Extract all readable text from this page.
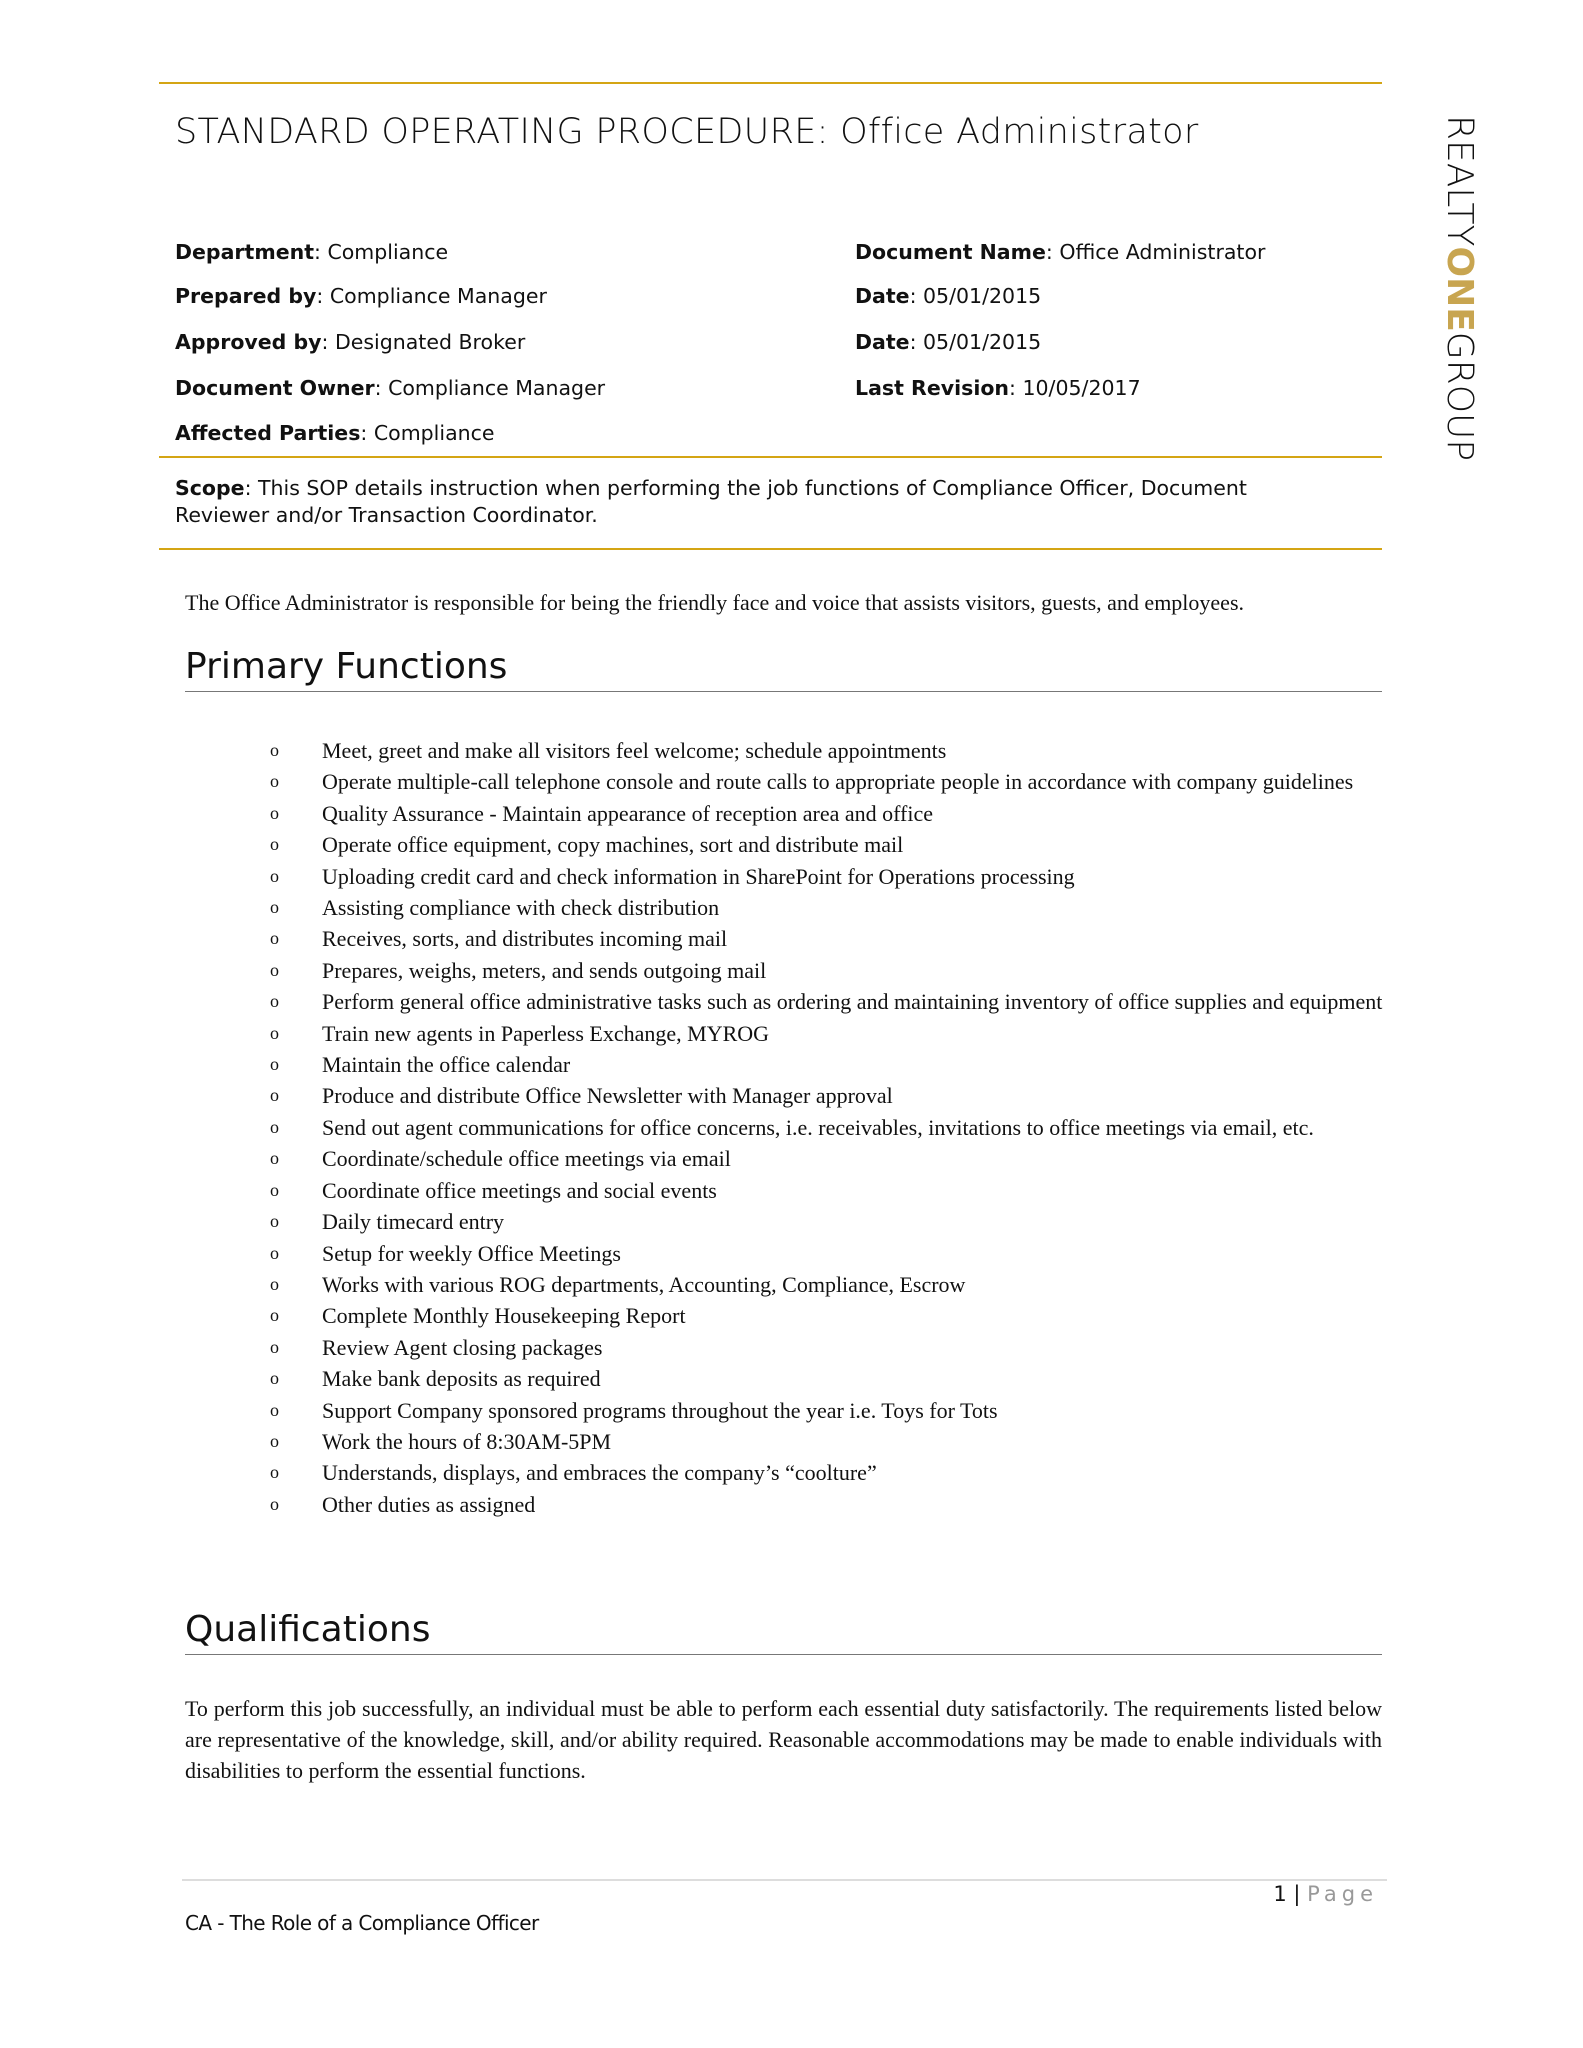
STANDARD OPERATING PROCEDURE: Office Administrator	REALTYONEGROUP
Department: Compliance
Prepared by: Compliance Manager
Approved by: Designated Broker
Document Owner: Compliance Manager
Affected Parties: Compliance
Document Name: Office Administrator
Date: 05/01/2015
Date: 05/01/2015
Last Revision: 10/05/2017
Scope: This SOP details instruction when performing the job functions of Compliance Officer, Document Reviewer and/or Transaction Coordinator.
The Office Administrator is responsible for being the friendly face and voice that assists visitors, guests, and employees.
Primary Functions
o Meet, greet and make all visitors feel welcome; schedule appointments
o Operate multiple-call telephone console and route calls to appropriate people in accordance with company guidelines
o Quality Assurance - Maintain appearance of reception area and office
o Operate office equipment, copy machines, sort and distribute mail
o Uploading credit card and check information in SharePoint for Operations processing
o Assisting compliance with check distribution
o Receives, sorts, and distributes incoming mail
o Prepares, weighs, meters, and sends outgoing mail
o Perform general office administrative tasks such as ordering and maintaining inventory of office supplies and equipment
o Train new agents in Paperless Exchange, MYROG
o Maintain the office calendar
o Produce and distribute Office Newsletter with Manager approval
o Send out agent communications for office concerns, i.e. receivables, invitations to office meetings via email, etc.
o Coordinate/schedule office meetings via email
o Coordinate office meetings and social events
o Daily timecard entry
o Setup for weekly Office Meetings
o Works with various ROG departments, Accounting, Compliance, Escrow
o Complete Monthly Housekeeping Report
o Review Agent closing packages
o Make bank deposits as required
o Support Company sponsored programs throughout the year i.e. Toys for Tots
o Work the hours of 8:30AM-5PM
o Understands, displays, and embraces the company’s “coolture”
o Other duties as assigned
Qualifications
To perform this job successfully, an individual must be able to perform each essential duty satisfactorily. The requirements listed below are representative of the knowledge, skill, and/or ability required. Reasonable accommodations may be made to enable individuals with disabilities to perform the essential functions.
1 | Page
CA - The Role of a Compliance Officer
